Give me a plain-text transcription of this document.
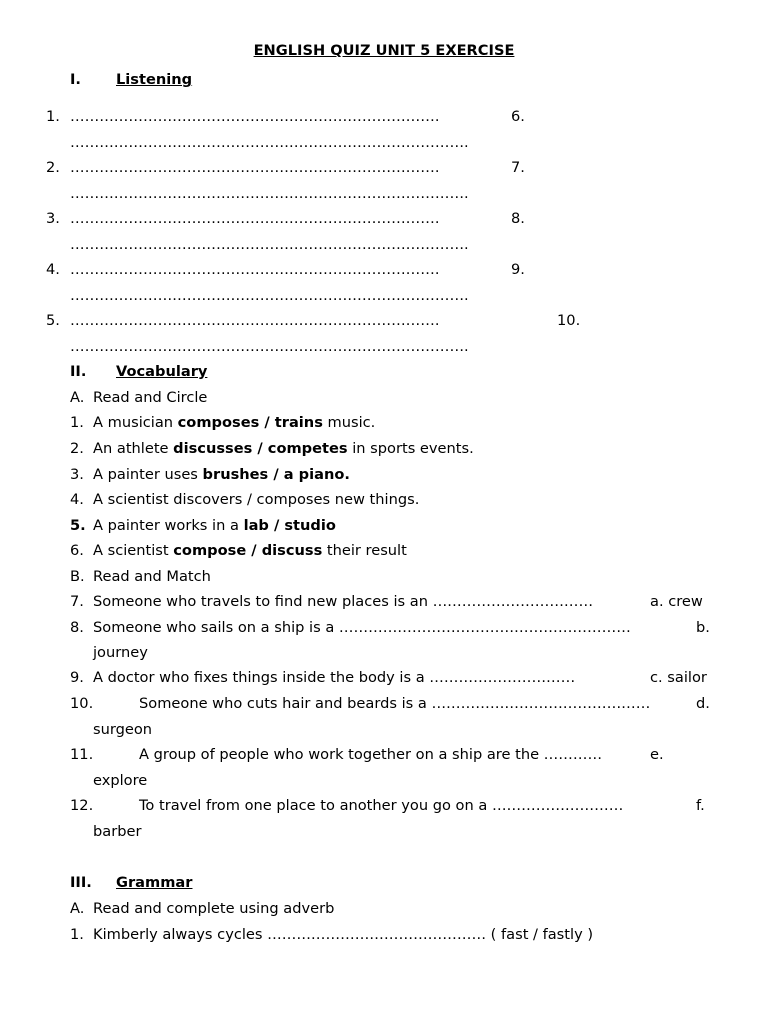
ENGLISH QUIZ UNIT 5 EXERCISE
I. Listening
1. ………………………………………………………………….	6.
……………………………………………………………………….
2. ………………………………………………………………….	7.
……………………………………………………………………….
3. ………………………………………………………………….	8.
……………………………………………………………………….
4. ………………………………………………………………….	9.
……………………………………………………………………….
5. ………………………………………………………………….	10.
……………………………………………………………………….
II. Vocabulary
A. Read and Circle
1. A musician composes / trains music.
2. An athlete discusses / competes in sports events.
3. A painter uses brushes / a piano.
4. A scientist discovers / composes new things.
5. A painter works in a lab / studio
6. A scientist compose / discuss their result
B. Read and Match
7. Someone who travels to find new places is an ……………………………	a. crew
8. Someone who sails on a ship is a ……………………………………………………	b.
journey
9. A doctor who fixes things inside the body is a …………………………	c. sailor
10.	Someone who cuts hair and beards is a ………………………………………	d.
surgeon
11.	A group of people who work together on a ship are the …………	e.
explore
12.	To travel from one place to another you go on a ………………………	f.
barber
III. Grammar
A. Read and complete using adverb
1. Kimberly always cycles ……………………………………… ( fast / fastly )
